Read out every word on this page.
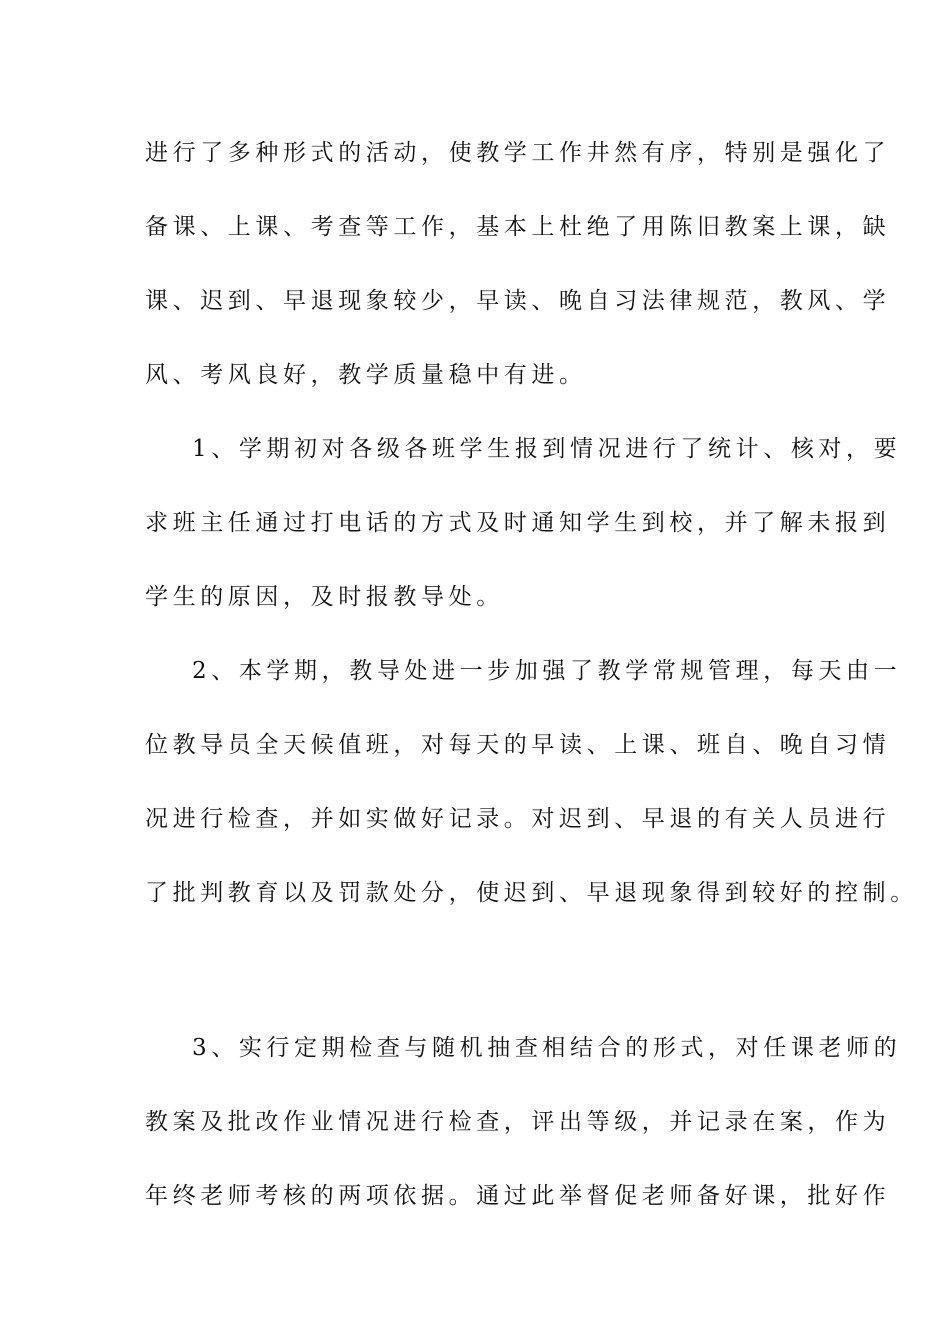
进行了多种形式的活动，使教学工作井然有序，特别是强化了
备课、上课、考查等工作，基本上杜绝了用陈旧教案上课，缺
课、迟到、早退现象较少，早读、晚自习法律规范，教风、学
风、考风良好，教学质量稳中有进。
1、学期初对各级各班学生报到情况进行了统计、核对，要
求班主任通过打电话的方式及时通知学生到校，并了解未报到
学生的原因，及时报教导处。
2、本学期，教导处进一步加强了教学常规管理，每天由一
位教导员全天候值班，对每天的早读、上课、班自、晚自习情
况进行检查，并如实做好记录。对迟到、早退的有关人员进行
了批判教育以及罚款处分，使迟到、早退现象得到较好的控制。
3、实行定期检查与随机抽查相结合的形式，对任课老师的
教案及批改作业情况进行检查，评出等级，并记录在案，作为
年终老师考核的两项依据。通过此举督促老师备好课，批好作
